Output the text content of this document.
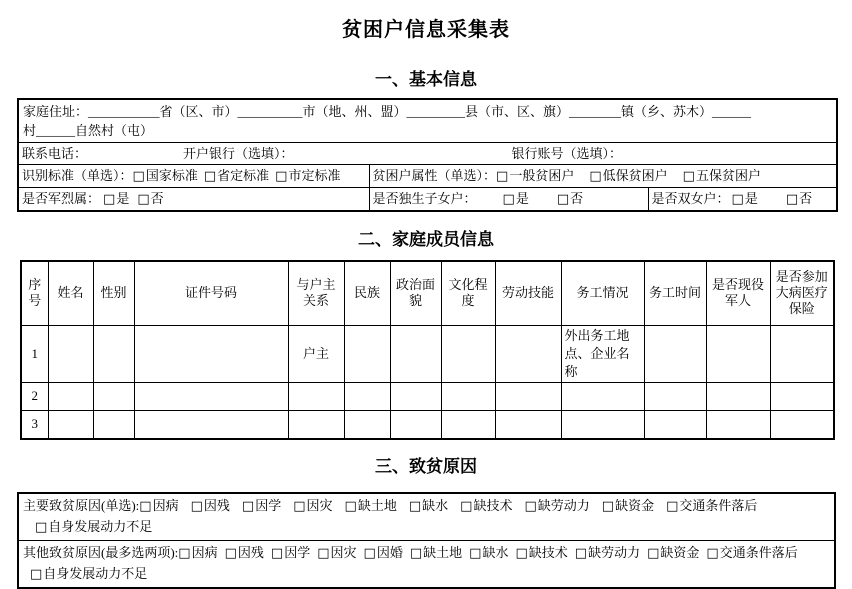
贫困户信息采集表
一、基本信息
家庭住址：___________省（区、市）__________市（地、州、盟）_________县（市、区、旗）________镇（乡、苏木）______
村______自然村（屯）		

联系电话： 开户银行（选填）： 银行账号（选填）：		

识别标准（单选）：□国家标准 □省定标准 □市定标准	贫困户属性（单选）：□一般贫困户 □低保贫困户 □五保贫困户	
是否军烈属： □是 □否	是否独生子女户： □是 □否	是否双女户： □是 □否
二、家庭成员信息
序号	姓名	性别	证件号码	与户主关系	民族	政治面貌	文化程度	劳动技能	务工情况	务工时间	是否现役军人	是否参加大病医疗保险
1				户主					外出务工地点、企业名称			
2												
3												
三、致贫原因
主要致贫原因(单选):□因病 □因残 □因学 □因灾 □缺土地 □缺水 □缺技术 □缺劳动力 □缺资金 □交通条件落后□自身发展动力不足
其他致贫原因(最多选两项):□因病 □因残 □因学 □因灾 □因婚 □缺土地 □缺水 □缺技术 □缺劳动力 □缺资金 □交通条件落后□自身发展动力不足
